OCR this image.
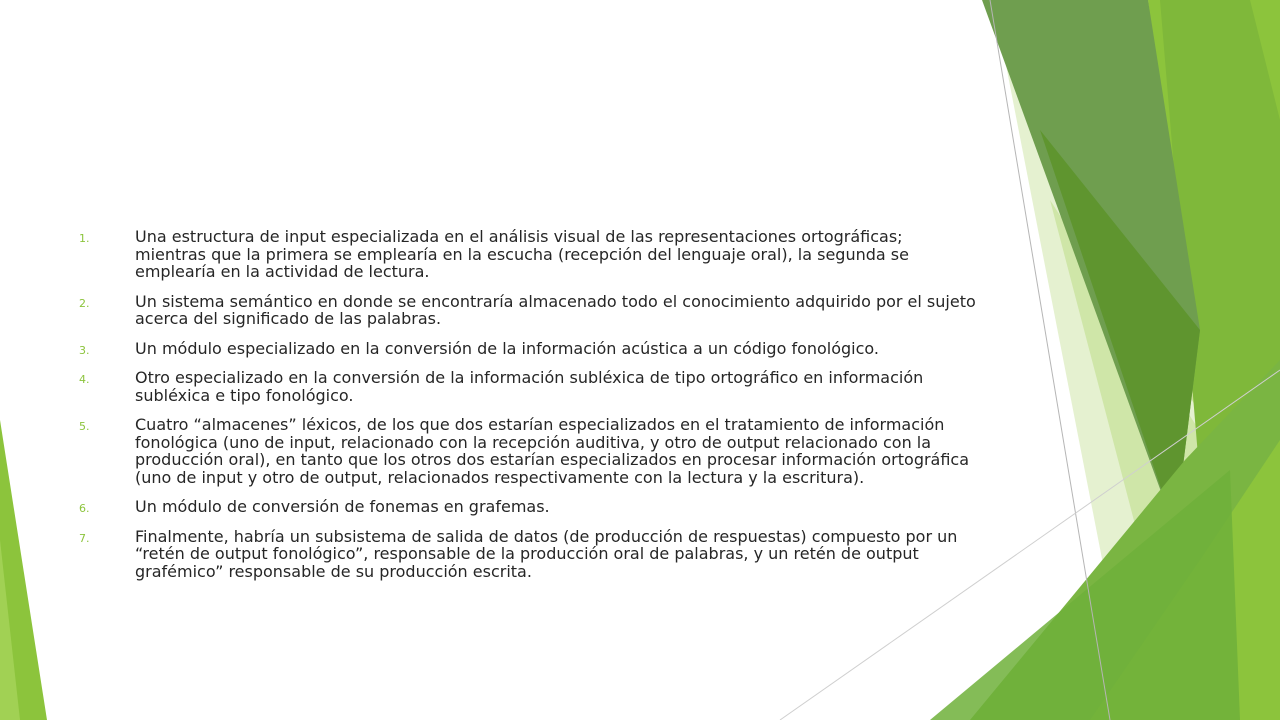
1.	Una estructura de input especializada en el análisis visual de las representaciones ortográficas; mientras que la primera se emplearía en la escucha (recepción del lenguaje oral), la segunda se emplearía en la actividad de lectura.
2.	Un sistema semántico en donde se encontraría almacenado todo el conocimiento adquirido por el sujeto acerca del significado de las palabras.
3.	Un módulo especializado en la conversión de la información acústica a un código fonológico.
4.	Otro especializado en la conversión de la información subléxica de tipo ortográfico en información subléxica e tipo fonológico.
5.	Cuatro “almacenes” léxicos, de los que dos estarían especializados en el tratamiento de información fonológica (uno de input, relacionado con la recepción auditiva, y otro de output relacionado con la producción oral), en tanto que los otros dos estarían especializados en procesar información ortográfica (uno de input y otro de output, relacionados respectivamente con la lectura y la escritura).
6.	Un módulo de conversión de fonemas en grafemas.
7.	Finalmente, habría un subsistema de salida de datos (de producción de respuestas) compuesto por un “retén de output fonológico”, responsable de la producción oral de palabras, y un retén de output grafémico” responsable de su producción escrita.
